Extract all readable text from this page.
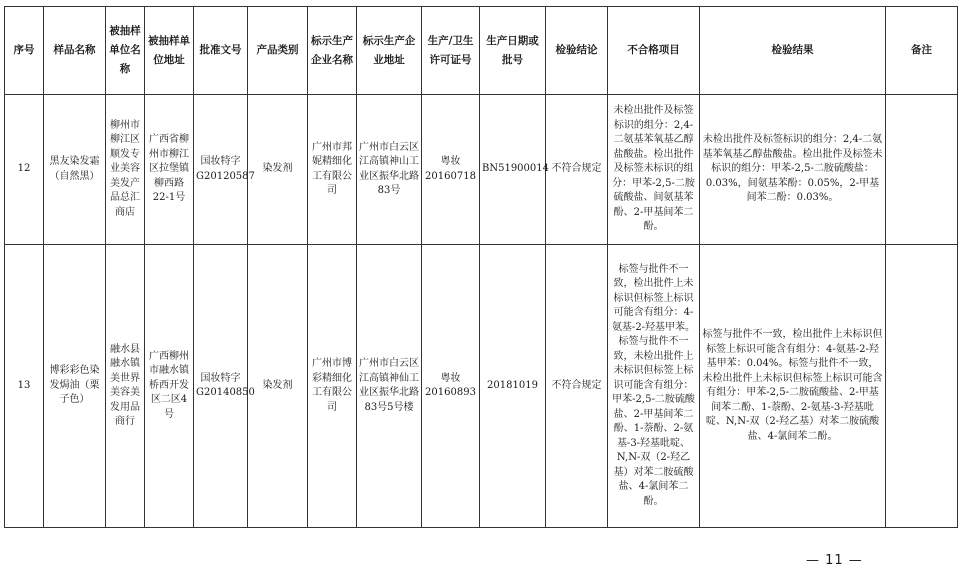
序号	样品名称	被抽样单位名称	被抽样单位地址	批准文号	产品类别	标示生产企业名称	标示生产企业地址	生产/卫生许可证号	生产日期或批号	检验结论	不合格项目	检验结果	备注
12	黑友染发霜（自然黑）	柳州市柳江区顺发专业美容美发产品总汇商店	广西省柳州市柳江区拉堡镇柳西路22-1号	国妆特字G20120587	染发剂	广州市邦妮精细化工有限公司	广州市白云区江高镇神山工业区振华北路83号	粤妆20160718	BN51900014	不符合规定	未检出批件及标签标识的组分：2,4-二氨基苯氧基乙醇盐酸盐。检出批件及标签未标识的组分：甲苯-2,5-二胺硫酸盐、间氨基苯酚、2-甲基间苯二酚。	未检出批件及标签标识的组分：2,4-二氨基苯氧基乙醇盐酸盐。检出批件及标签未标识的组分：甲苯-2,5-二胺硫酸盐：0.03%，间氨基苯酚：0.05%，2-甲基间苯二酚：0.03%。	
13	博彩彩色染发焗油（栗子色）	融水县融水镇美世界美容美发用品商行	广西柳州市融水镇桥西开发区二区4号	国妆特字G20140850	染发剂	广州市博彩精细化工有限公司	广州市白云区江高镇神仙工业区振华北路83号5号楼	粤妆20160893	20181019	不符合规定	标签与批件不一致，检出批件上未标识但标签上标识可能含有组分：4-氨基-2-羟基甲苯。标签与批件不一致，未检出批件上未标识但标签上标识可能含有组分：甲苯-2,5-二胺硫酸盐、2-甲基间苯二酚、1-萘酚、2-氨基-3-羟基吡啶、N,N-双（2-羟乙基）对苯二胺硫酸盐、4-氯间苯二酚。	标签与批件不一致，检出批件上未标识但标签上标识可能含有组分：4-氨基-2-羟基甲苯：0.04%。标签与批件不一致，未检出批件上未标识但标签上标识可能含有组分：甲苯-2,5-二胺硫酸盐、2-甲基间苯二酚、1-萘酚、2-氨基-3-羟基吡啶、N,N-双（2-羟乙基）对苯二胺硫酸盐、4-氯间苯二酚。	
— 11 —
